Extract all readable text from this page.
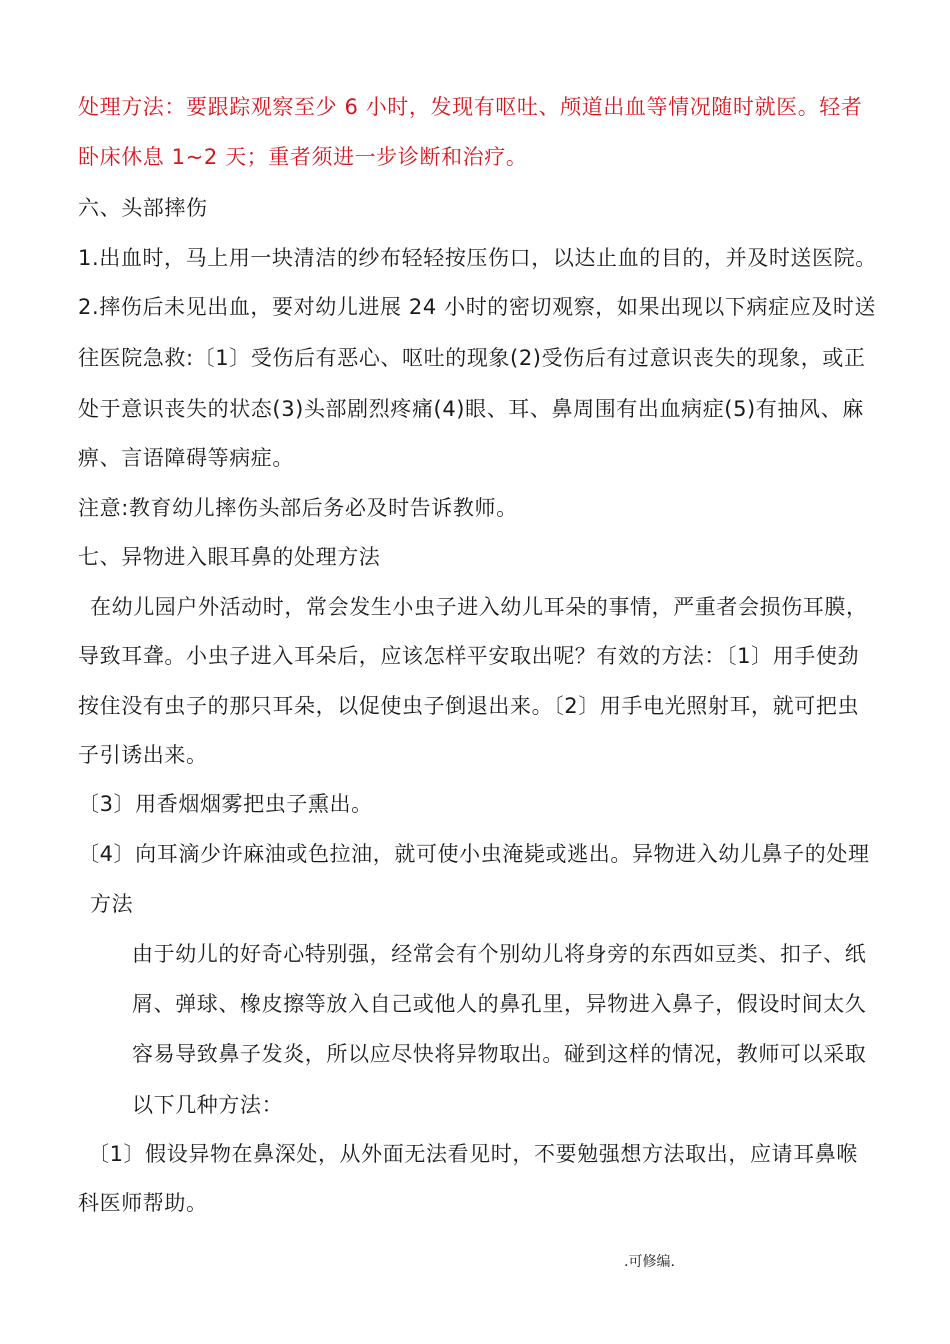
处理方法：要跟踪观察至少 6 小时，发现有呕吐、颅道出血等情况随时就医。轻者
卧床休息 1~2 天；重者须进一步诊断和治疗。
六、头部摔伤
1.出血时，马上用一块清洁的纱布轻轻按压伤口，以达止血的目的，并及时送医院。
2.摔伤后未见出血，要对幼儿进展 24 小时的密切观察，如果出现以下病症应及时送
往医院急救:〔1〕受伤后有恶心、呕吐的现象(2)受伤后有过意识丧失的现象，或正
处于意识丧失的状态(3)头部剧烈疼痛(4)眼、耳、鼻周围有出血病症(5)有抽风、麻
痹、言语障碍等病症。
注意:教育幼儿摔伤头部后务必及时告诉教师。
七、异物进入眼耳鼻的处理方法
在幼儿园户外活动时，常会发生小虫子进入幼儿耳朵的事情，严重者会损伤耳膜，
导致耳聋。小虫子进入耳朵后，应该怎样平安取出呢？有效的方法：〔1〕用手使劲
按住没有虫子的那只耳朵，以促使虫子倒退出来。〔2〕用手电光照射耳，就可把虫
子引诱出来。
〔3〕用香烟烟雾把虫子熏出。
〔4〕向耳滴少许麻油或色拉油，就可使小虫淹毙或逃出。异物进入幼儿鼻子的处理
方法
由于幼儿的好奇心特别强，经常会有个别幼儿将身旁的东西如豆类、扣子、纸
屑、弹球、橡皮擦等放入自己或他人的鼻孔里，异物进入鼻子，假设时间太久
容易导致鼻子发炎，所以应尽快将异物取出。碰到这样的情况，教师可以采取
以下几种方法：
〔1〕假设异物在鼻深处，从外面无法看见时，不要勉强想方法取出，应请耳鼻喉
科医师帮助。
.可修编.
